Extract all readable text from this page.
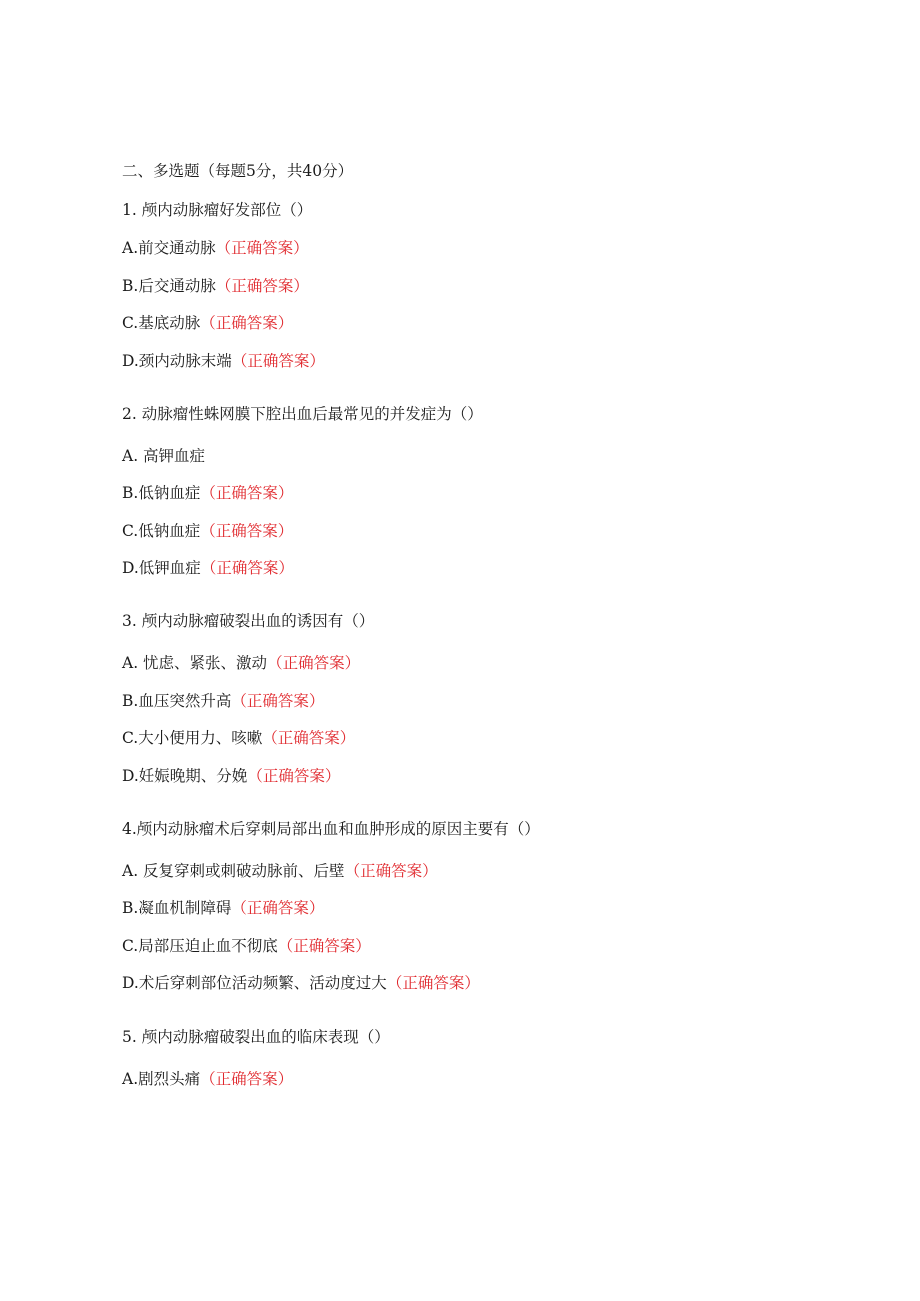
二、多选题（每题5分，共40分）
1. 颅内动脉瘤好发部位（）
A.前交通动脉（正确答案）
B.后交通动脉（正确答案）
C.基底动脉（正确答案）
D.颈内动脉末端（正确答案）
2. 动脉瘤性蛛网膜下腔出血后最常见的并发症为（）
A. 高钾血症
B.低钠血症（正确答案）
C.低钠血症（正确答案）
D.低钾血症（正确答案）
3. 颅内动脉瘤破裂出血的诱因有（）
A. 忧虑、紧张、激动（正确答案）
B.血压突然升高（正确答案）
C.大小便用力、咳嗽（正确答案）
D.妊娠晚期、分娩（正确答案）
4.颅内动脉瘤术后穿刺局部出血和血肿形成的原因主要有（）
A. 反复穿刺或刺破动脉前、后壁（正确答案）
B.凝血机制障碍（正确答案）
C.局部压迫止血不彻底（正确答案）
D.术后穿刺部位活动频繁、活动度过大（正确答案）
5. 颅内动脉瘤破裂出血的临床表现（）
A.剧烈头痛（正确答案）
